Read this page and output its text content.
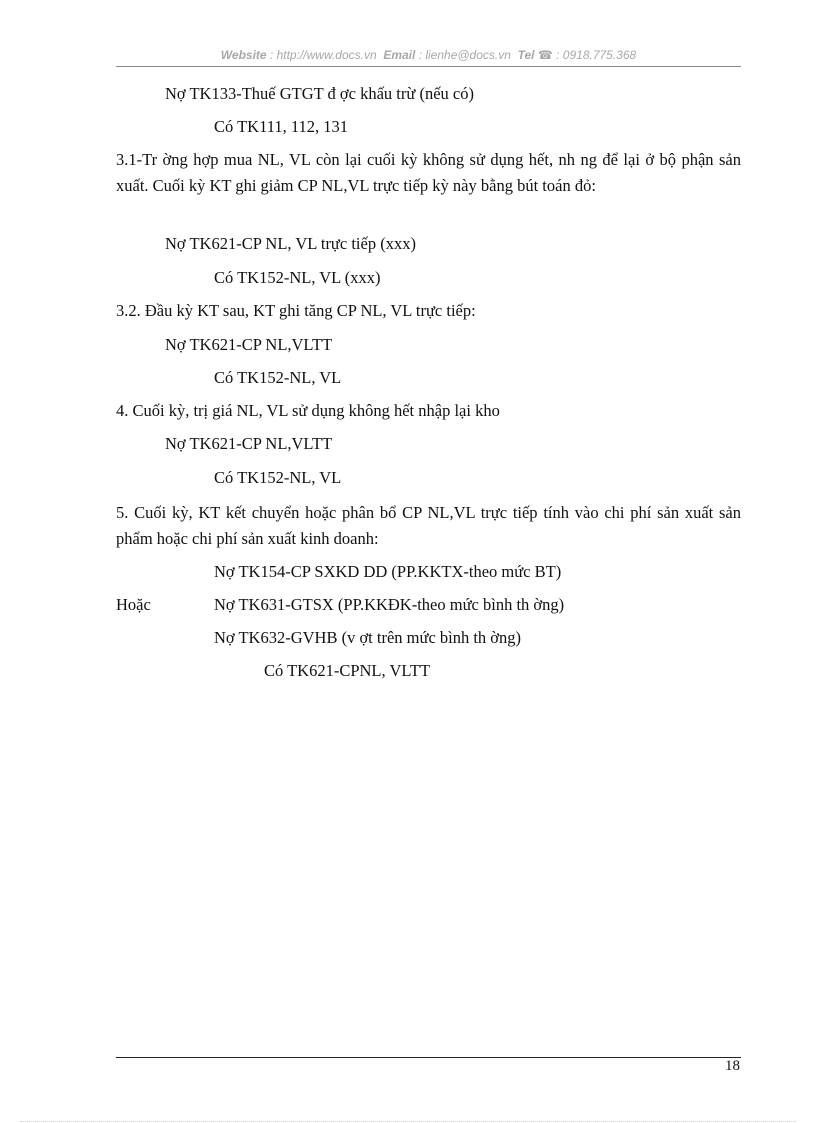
Website : http://www.docs.vn Email : lienhe@docs.vn Tel ☎ : 0918.775.368
Nợ TK133-Thuế GTGT đ ợc khấu trừ (nếu có)
Có TK111, 112, 131
3.1-Tr ờng hợp mua NL, VL còn lại cuối kỳ không sử dụng hết, nh ng để lại ở bộ phận sản xuất. Cuối kỳ KT ghi giảm CP NL,VL trực tiếp kỳ này bằng bút toán đỏ:
Nợ TK621-CP NL, VL trực tiếp (xxx)
Có TK152-NL, VL (xxx)
3.2. Đầu kỳ KT sau, KT ghi tăng CP NL, VL trực tiếp:
Nợ TK621-CP NL,VLTT
Có TK152-NL, VL
4. Cuối kỳ, trị giá NL, VL sử dụng không hết nhập lại kho
Nợ TK621-CP NL,VLTT
Có TK152-NL, VL
5. Cuối kỳ, KT kết chuyển hoặc phân bổ CP NL,VL trực tiếp tính vào chi phí sản xuất sản phẩm hoặc chi phí sản xuất kinh doanh:
Nợ TK154-CP SXKD DD (PP.KKTX-theo mức BT)
Hoặc	Nợ TK631-GTSX (PP.KKĐK-theo mức bình th ờng)
Nợ TK632-GVHB (v ợt trên mức bình th ờng)
Có TK621-CPNL, VLTT
18
